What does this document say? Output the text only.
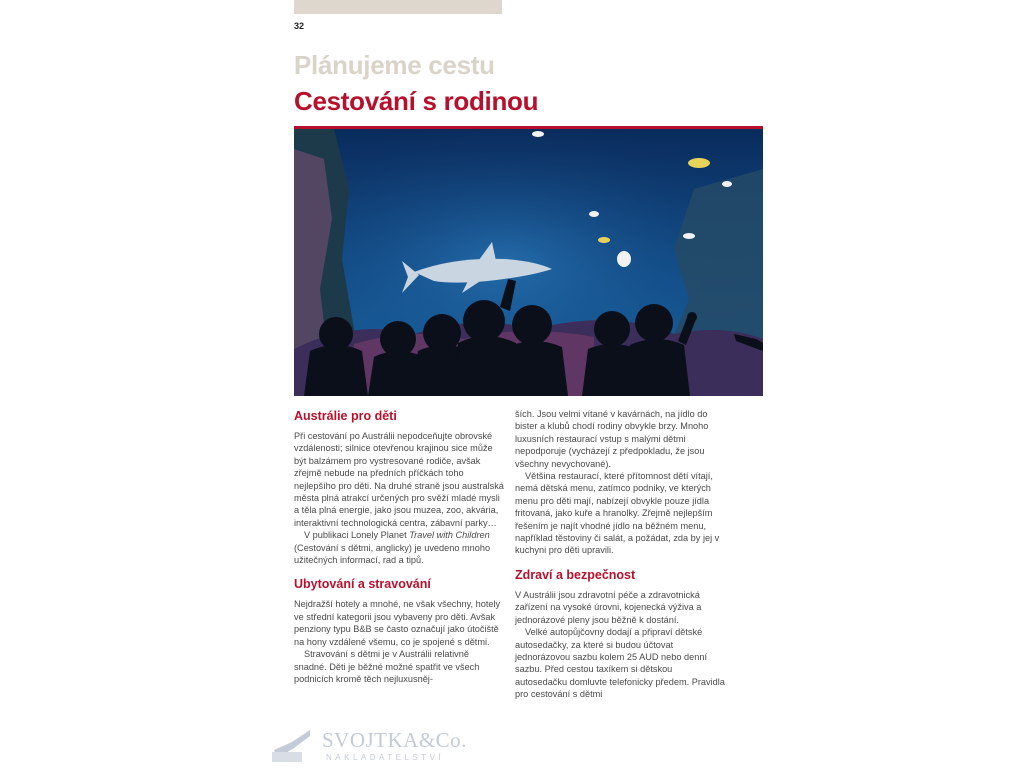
32
Plánujeme cestu
Cestování s rodinou
Austrálie pro děti

Při cestování po Austrálii nepodceňujte obrovské vzdálenosti; silnice otevřenou krajinou sice může být balzámem pro vystresované rodiče, avšak zřejmě nebude na předních příčkách toho nejlepšího pro děti. Na druhé straně jsou australská města plná atrakcí určených pro svěží mladé mysli a těla plná energie, jako jsou muzea, zoo, akvária, interaktivní technologická centra, zábavní parky…

V publikaci Lonely Planet Travel with Children (Cestování s dětmi, anglicky) je uvedeno mnoho užitečných informací, rad a tipů.

Ubytování a stravování

Nejdražší hotely a mnohé, ne však všechny, hotely ve střední kategorii jsou vybaveny pro děti. Avšak penziony typu B&B se často označují jako útočiště na hony vzdálené všemu, co je spojené s dětmi.

Stravování s dětmi je v Austrálii relativně snadné. Děti je běžné možné spatřit ve všech podnicích kromě těch nejluxusněj-

ších. Jsou velmi vítané v kavárnách, na jídlo do bister a klubů chodí rodiny obvykle brzy. Mnoho luxusních restaurací vstup s malými dětmi nepodporuje (vycházejí z předpokladu, že jsou všechny nevychované).

Většina restaurací, které přítomnost dětí vítají, nemá dětská menu, zatímco podniky, ve kterých menu pro děti mají, nabízejí obvykle pouze jídla fritovaná, jako kuře a hranolky. Zřejmě nejlepším řešením je najít vhodné jídlo na běžném menu, například těstoviny či salát, a požádat, zda by jej v kuchyni pro děti upravili.

Zdraví a bezpečnost

V Austrálii jsou zdravotní péče a zdravotnická zařízení na vysoké úrovni, kojenecká výživa a jednorázové pleny jsou běžně k dostání.

Velké autopůjčovny dodají a připraví dětské autosedačky, za které si budou účtovat jednorázovou sazbu kolem 25 AUD nebo denní sazbu. Před cestou taxíkem si dětskou autosedačku domluvte telefonicky předem. Pravidla pro cestování s dětmi

SVOJTKA&Co.
NAKLADATELSTVÍ
